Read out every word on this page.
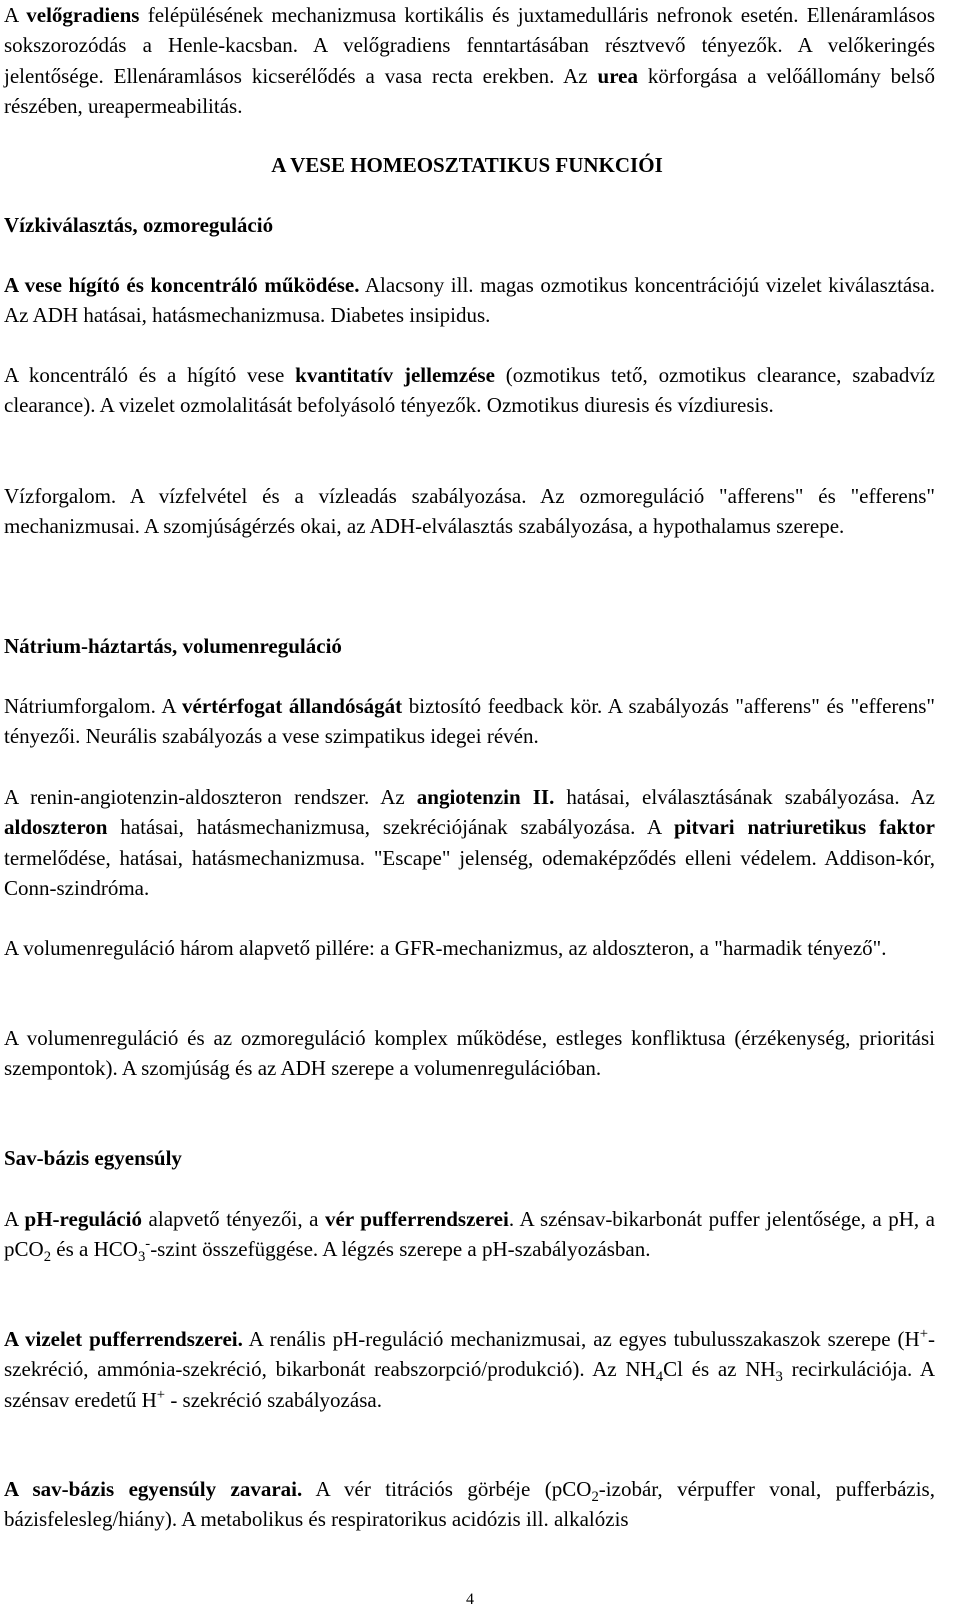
A velőgradiens felépülésének mechanizmusa kortikális és juxtamedulláris nefronok esetén. Ellenáramlásos sokszorozódás a Henle-kacsban. A velőgradiens fenntartásában résztvevő tényezők. A velőkeringés jelentősége. Ellenáramlásos kicserélődés a vasa recta erekben. Az urea körforgása a velőállomány belső részében, ureapermeabilitás.

A VESE HOMEOSZTATIKUS FUNKCIÓI
Vízkiválasztás, ozmoreguláció

A vese hígító és koncentráló működése. Alacsony ill. magas ozmotikus koncentrációjú vizelet kiválasztása. Az ADH hatásai, hatásmechanizmusa. Diabetes insipidus.

A koncentráló és a hígító vese kvantitatív jellemzése (ozmotikus tető, ozmotikus clearance, szabadvíz clearance). A vizelet ozmolalitását befolyásoló tényezők. Ozmotikus diuresis és vízdiuresis.

Vízforgalom. A vízfelvétel és a vízleadás szabályozása. Az ozmoreguláció "afferens" és "efferens" mechanizmusai. A szomjúságérzés okai, az ADH-elválasztás szabályozása, a hypothalamus szerepe.

Nátrium-háztartás, volumenreguláció

Nátriumforgalom. A vértérfogat állandóságát biztosító feedback kör. A szabályozás "afferens" és "efferens" tényezői. Neurális szabályozás a vese szimpatikus idegei révén.

A renin-angiotenzin-aldoszteron rendszer. Az angiotenzin II. hatásai, elválasztásának szabályozása. Az aldoszteron hatásai, hatásmechanizmusa, szekréciójának szabályozása. A pitvari natriuretikus faktor termelődése, hatásai, hatásmechanizmusa. "Escape" jelenség, odemaképződés elleni védelem. Addison-kór, Conn-szindróma.

A volumenreguláció három alapvető pillére: a GFR-mechanizmus, az aldoszteron, a "harmadik tényező".

A volumenreguláció és az ozmoreguláció komplex működése, estleges konfliktusa (érzékenység, prioritási szempontok). A szomjúság és az ADH szerepe a volumenregulációban.

Sav-bázis egyensúly

A pH-reguláció alapvető tényezői, a vér pufferrendszerei. A szénsav-bikarbonát puffer jelentősége, a pH, a pCO$_2$ és a $HCO_3^-$-szint összefüggése. A légzés szerepe a pH-szabályozásban.

A vizelet pufferrendszerei. A renális pH-reguláció mechanizmusai, az egyes tubulusszakaszok szerepe (H+-szekréció, ammónia-szekréció, bikarbonát reabszorpció/produkció). Az $NH_4Cl$ és az $NH_3$ recirkulációja. A szénsav eredetű H+ - szekréció szabályozása.

A sav-bázis egyensúly zavarai. A vér titrációs görbéje (pCO$_2$-izobár, vérpuffer vonal, pufferbázis, bázisfelesleg/hiány). A metabolikus és respiratorikus acidózis ill. alkalózis

4
